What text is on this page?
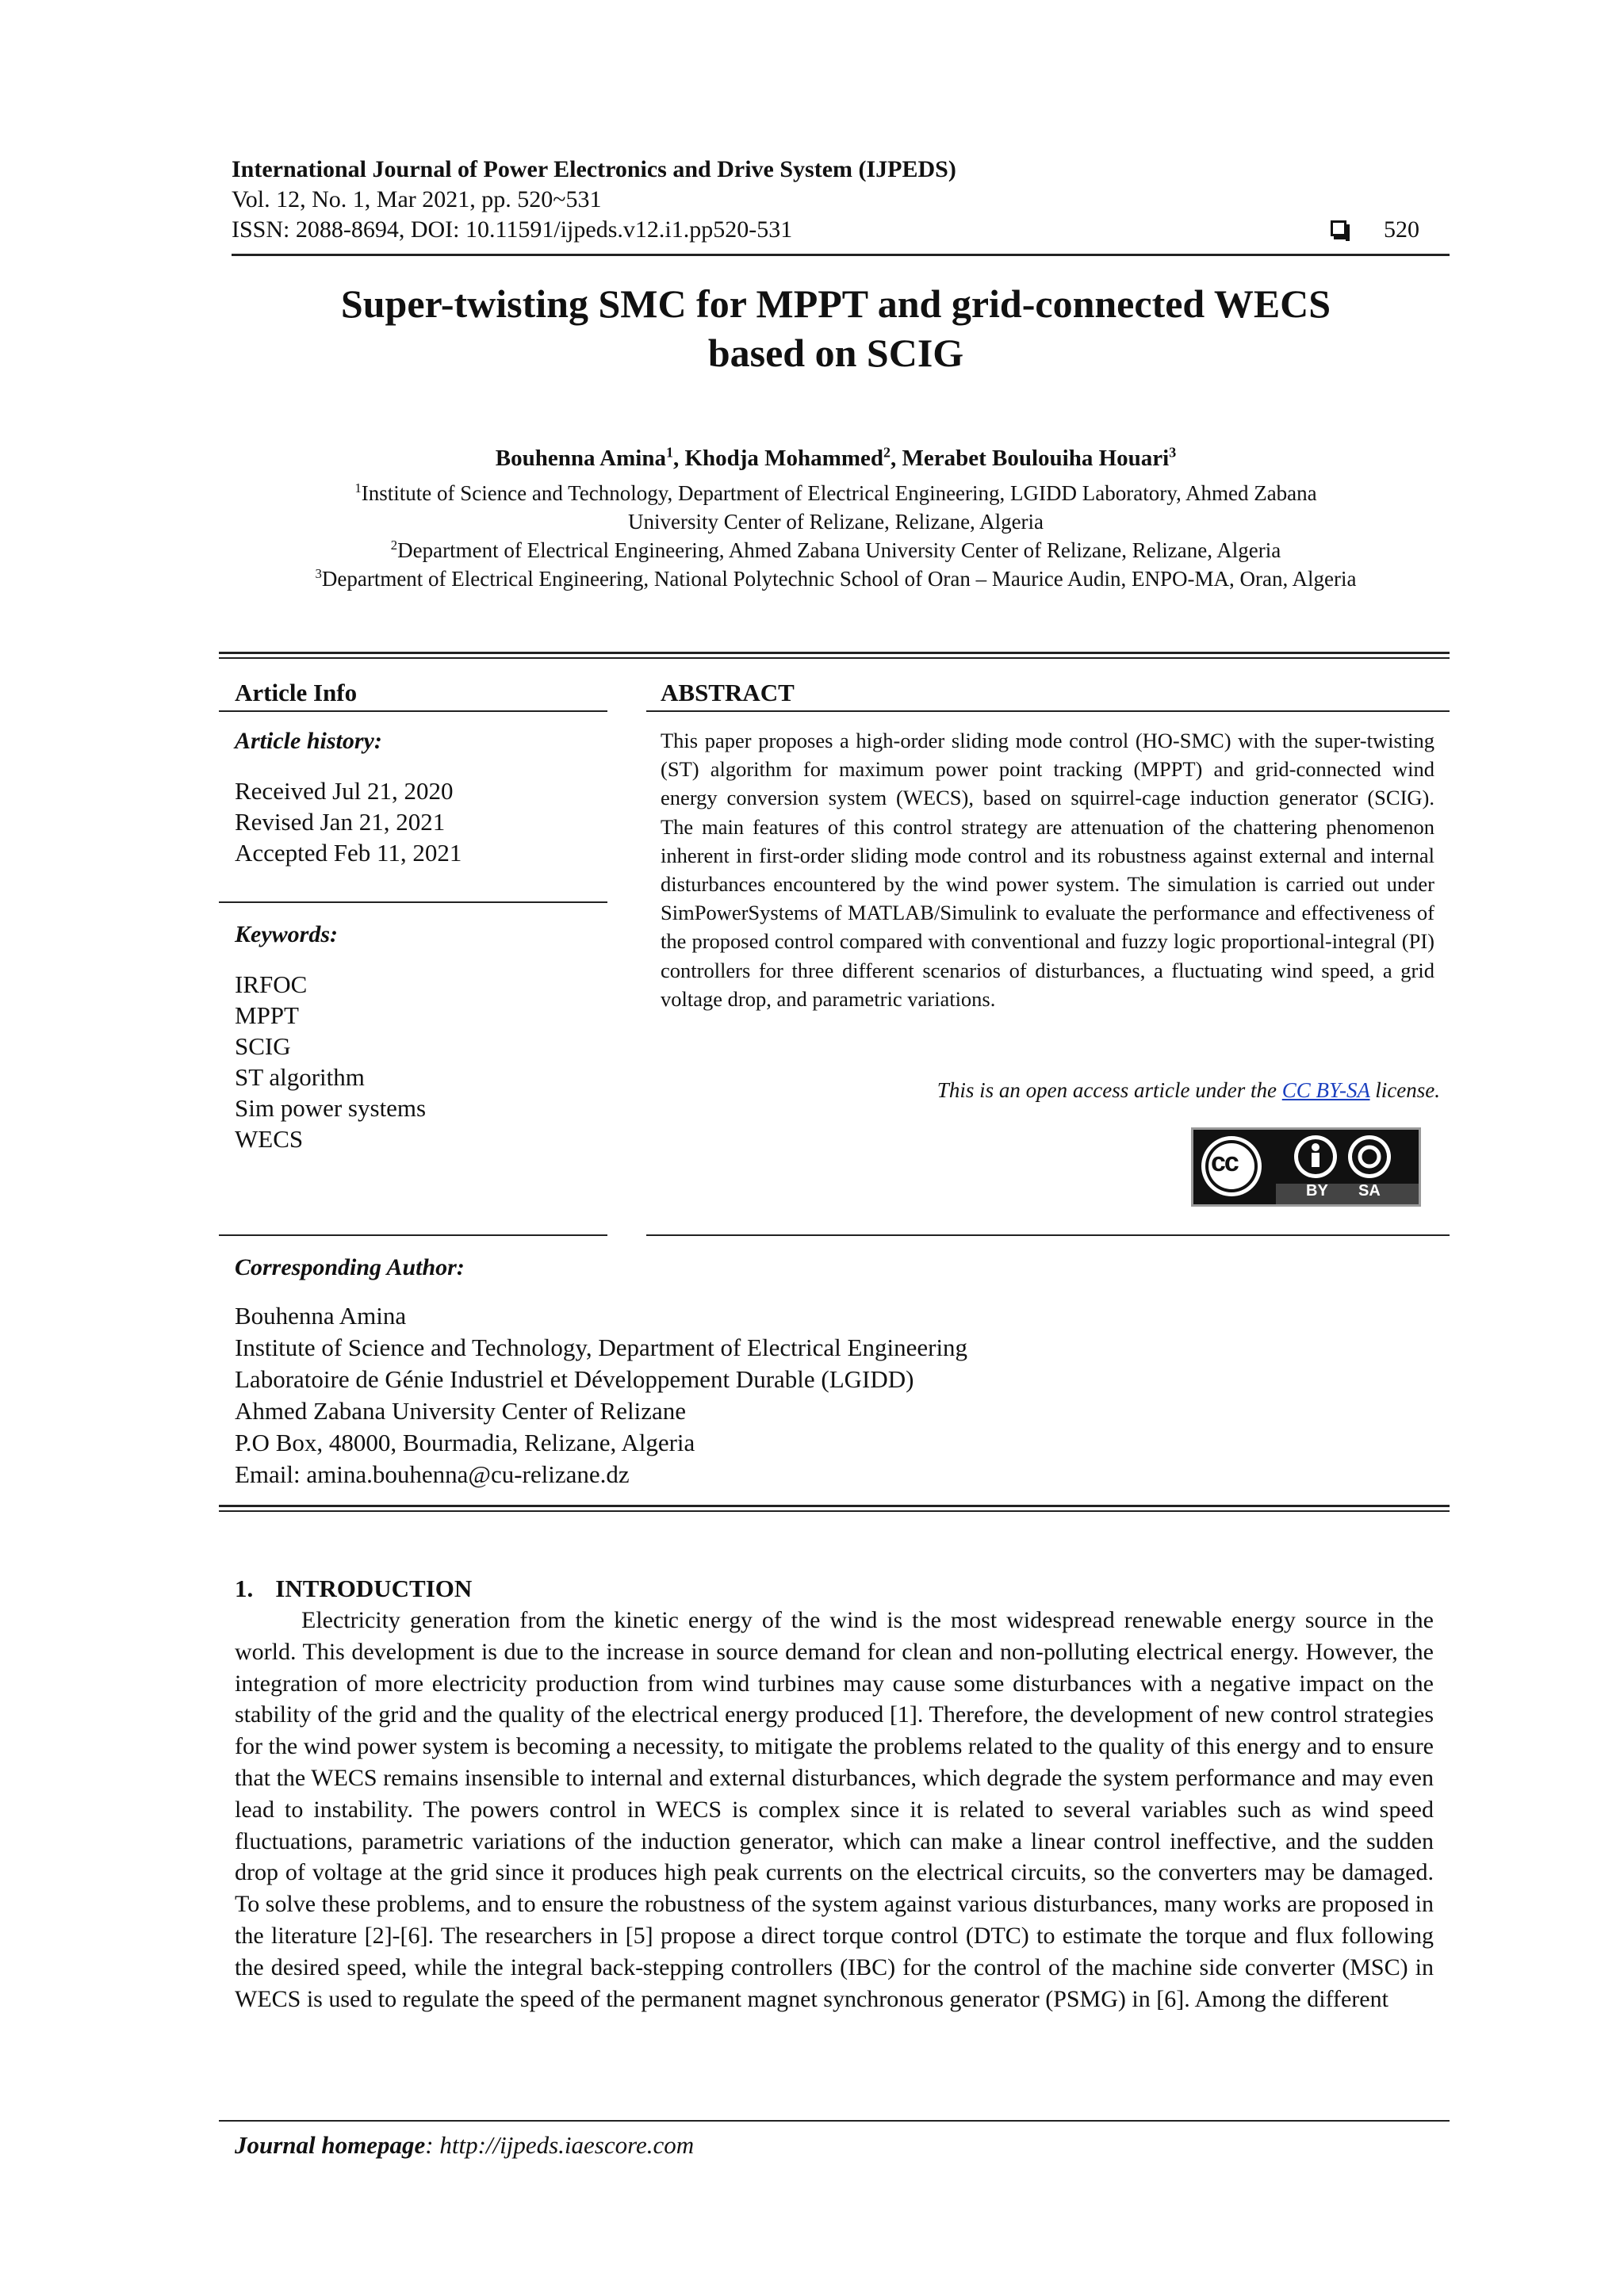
International Journal of Power Electronics and Drive System (IJPEDS)
Vol. 12, No. 1, Mar 2021, pp. 520~531
ISSN: 2088-8694, DOI: 10.11591/ijpeds.v12.i1.pp520-531	520
Super-twisting SMC for MPPT and grid-connected WECS
based on SCIG
Bouhenna Amina$^1$, Khodja Mohammed$^2$, Merabet Boulouiha Houari$^3$
$^1$Institute of Science and Technology, Department of Electrical Engineering, LGIDD Laboratory, Ahmed Zabana
University Center of Relizane, Relizane, Algeria
$^2$Department of Electrical Engineering, Ahmed Zabana University Center of Relizane, Relizane, Algeria
$^3$Department of Electrical Engineering, National Polytechnic School of Oran – Maurice Audin, ENPO-MA, Oran, Algeria
Article Info
Article history:
Received Jul 21, 2020
Revised Jan 21, 2021
Accepted Feb 11, 2021
Keywords:
IRFOC
MPPT
SCIG
ST algorithm
Sim power systems
WECS
ABSTRACT
This paper proposes a high-order sliding mode control (HO-SMC) with the super-twisting (ST) algorithm for maximum power point tracking (MPPT) and grid-connected wind energy conversion system (WECS), based on squirrel-cage induction generator (SCIG). The main features of this control strategy are attenuation of the chattering phenomenon inherent in first-order sliding mode control and its robustness against external and internal disturbances encountered by the wind power system. The simulation is carried out under SimPowerSystems of MATLAB/Simulink to evaluate the performance and effectiveness of the proposed control compared with conventional and fuzzy logic proportional-integral (PI) controllers for three different scenarios of disturbances, a fluctuating wind speed, a grid voltage drop, and parametric variations.
This is an open access article under the CC BY-SA license.
cc
BY SA
Corresponding Author:
Bouhenna Amina
Institute of Science and Technology, Department of Electrical Engineering
Laboratoire de Génie Industriel et Développement Durable (LGIDD)
Ahmed Zabana University Center of Relizane
P.O Box, 48000, Bourmadia, Relizane, Algeria
Email: amina.bouhenna@cu-relizane.dz
1. INTRODUCTION
Electricity generation from the kinetic energy of the wind is the most widespread renewable energy source in the world. This development is due to the increase in source demand for clean and non-polluting electrical energy. However, the integration of more electricity production from wind turbines may cause some disturbances with a negative impact on the stability of the grid and the quality of the electrical energy produced [1]. Therefore, the development of new control strategies for the wind power system is becoming a necessity, to mitigate the problems related to the quality of this energy and to ensure that the WECS remains insensible to internal and external disturbances, which degrade the system performance and may even lead to instability. The powers control in WECS is complex since it is related to several variables such as wind speed fluctuations, parametric variations of the induction generator, which can make a linear control ineffective, and the sudden drop of voltage at the grid since it produces high peak currents on the electrical circuits, so the converters may be damaged. To solve these problems, and to ensure the robustness of the system against various disturbances, many works are proposed in the literature [2]-[6]. The researchers in [5] propose a direct torque control (DTC) to estimate the torque and flux following the desired speed, while the integral back-stepping controllers (IBC) for the control of the machine side converter (MSC) in WECS is used to regulate the speed of the permanent magnet synchronous generator (PSMG) in [6]. Among the different
Journal homepage: http://ijpeds.iaescore.com
